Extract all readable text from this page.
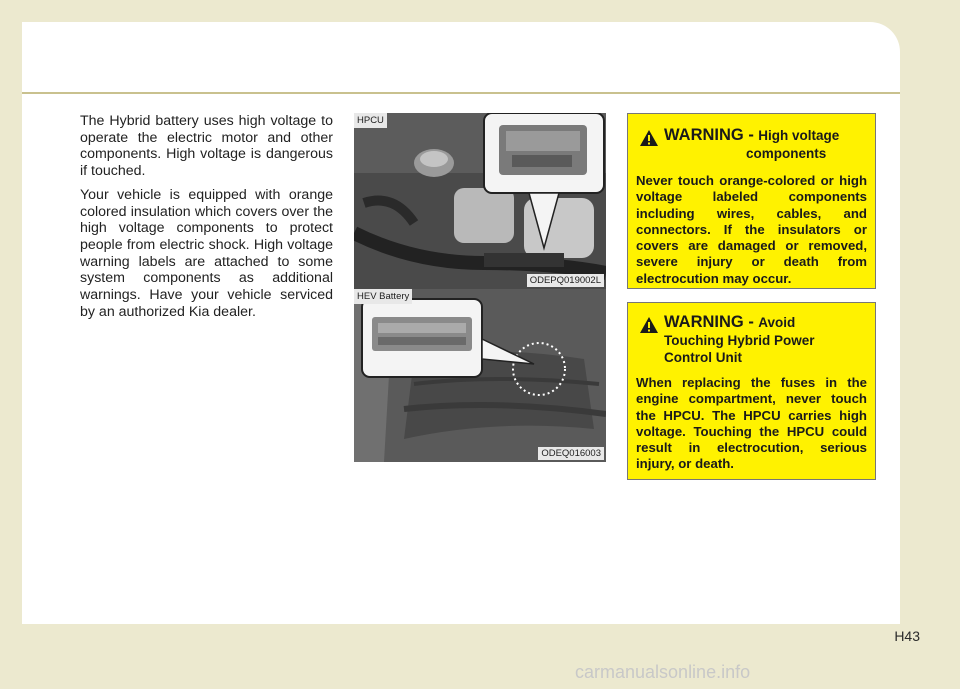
The Hybrid battery uses high voltage to operate the electric motor and other components. High voltage is dangerous if touched.

Your vehicle is equipped with orange colored insulation which covers over the high voltage components to protect people from electric shock. High voltage warning labels are attached to some system components as additional warnings. Have your vehicle serviced by an authorized Kia dealer.

HPCU
ODEPQ019002L
HEV Battery
ODEQ016003
WARNING - High voltage
components

Never touch orange-colored or high voltage labeled components including wires, cables, and connectors. If the insulators or covers are damaged or removed, severe injury or death from electrocution may occur.

WARNING - Avoid
Touching Hybrid Power Control Unit

When replacing the fuses in the engine compartment, never touch the HPCU. The HPCU carries high voltage. Touching the HPCU could result in electrocution, serious injury, or death.

H43
carmanualsonline.info
